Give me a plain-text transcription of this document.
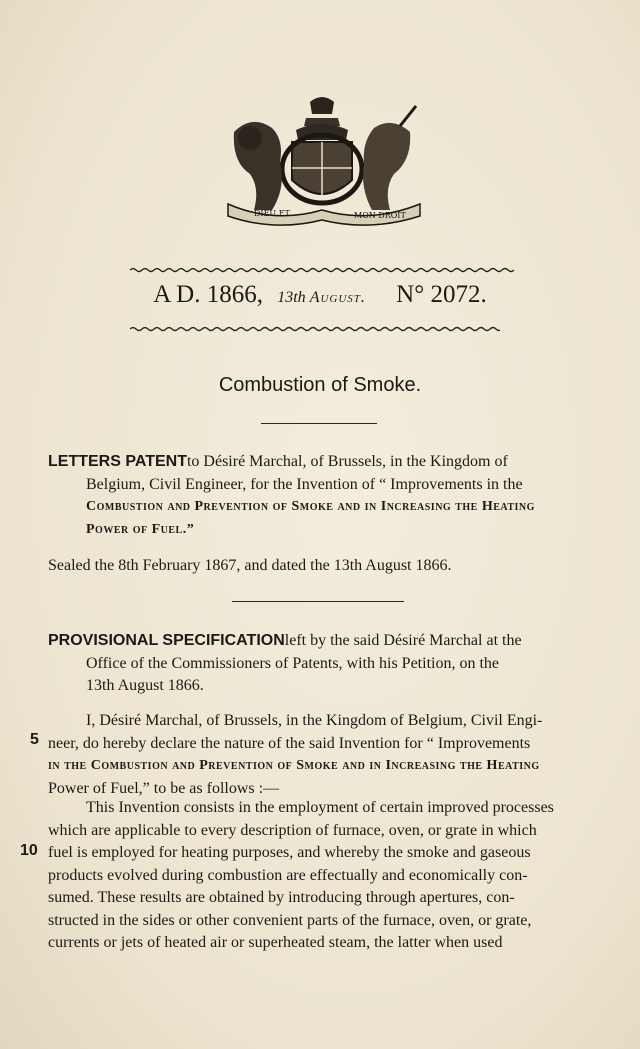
DIEU ET	MON DROIT
A D. 1866, 13th August. N° 2072.
Combustion of Smoke.
LETTERS PATENTto Désiré Marchal, of Brussels, in the Kingdom of
Belgium, Civil Engineer, for the Invention of “ Improvements in the
Combustion and Prevention of Smoke and in Increasing the Heating
Power of Fuel.”
Sealed the 8th February 1867, and dated the 13th August 1866.
PROVISIONAL SPECIFICATIONleft by the said Désiré Marchal at the
Office of the Commissioners of Patents, with his Petition, on the
13th August 1866.
5
I, Désiré Marchal, of Brussels, in the Kingdom of Belgium, Civil Engi-
neer, do hereby declare the nature of the said Invention for “ Improvements
in the Combustion and Prevention of Smoke and in Increasing the Heating
Power of Fuel,” to be as follows :—
10
This Invention consists in the employment of certain improved processes
which are applicable to every description of furnace, oven, or grate in which
fuel is employed for heating purposes, and whereby the smoke and gaseous
products evolved during combustion are effectually and economically con-
sumed. These results are obtained by introducing through apertures, con-
structed in the sides or other convenient parts of the furnace, oven, or grate,
currents or jets of heated air or superheated steam, the latter when used
